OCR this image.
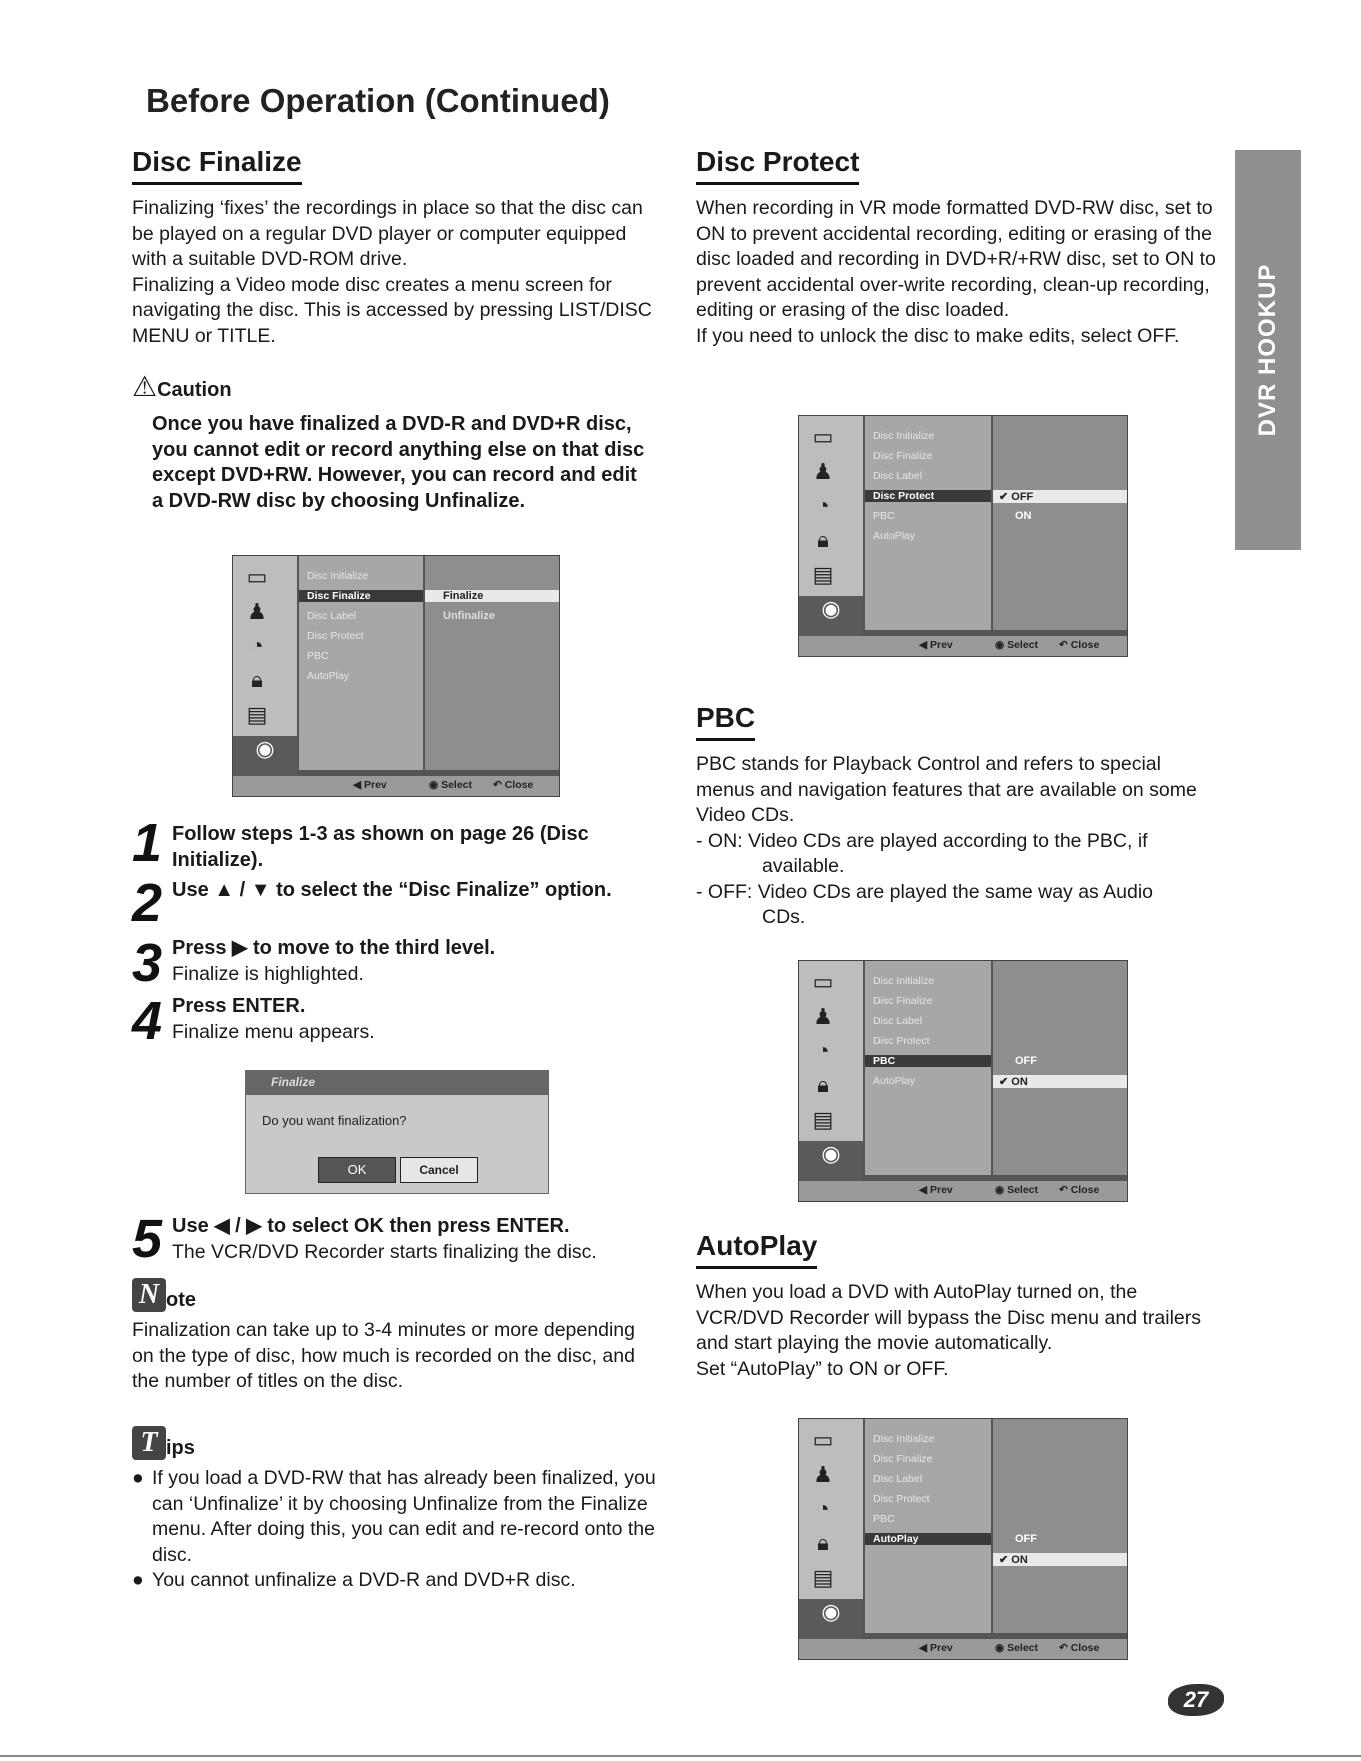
Before Operation (Continued)
DVR HOOKUP
Disc Finalize

Finalizing ‘fixes’ the recordings in place so that the disc can be played on a regular DVD player or computer equipped with a suitable DVD-ROM drive.

Finalizing a Video mode disc creates a menu screen for navigating the disc. This is accessed by pressing LIST/DISC MENU or TITLE.

⚠Caution
Once you have finalized a DVD-R and DVD+R disc, you cannot edit or record anything else on that disc except DVD+RW. However, you can record and edit a DVD-RW disc by choosing Unfinalize.
▭
♟
◔
🔒︎
▤
◉
Disc Initialize
Disc Finalize
Disc Label
Disc Protect
PBC
AutoPlay
Finalize
Unfinalize
◀ Prev	◉ Select ↶ Close
1 Follow steps 1-3 as shown on page 26 (Disc Initialize).
2 Use ▲ / ▼ to select the “Disc Finalize” option.
3 Press ▶ to move to the third level.
Finalize is highlighted.
4 Press ENTER.
Finalize menu appears.
Finalize
Do you want finalization?
OK	Cancel
5 Use ◀ / ▶ to select OK then press ENTER.
The VCR/DVD Recorder starts finalizing the disc.
N ote
Finalization can take up to 3-4 minutes or more depending on the type of disc, how much is recorded on the disc, and the number of titles on the disc.
T ips
● If you load a DVD-RW that has already been finalized, you can ‘Unfinalize’ it by choosing Unfinalize from the Finalize menu. After doing this, you can edit and re-record onto the disc.
● You cannot unfinalize a DVD-R and DVD+R disc.
Disc Protect

When recording in VR mode formatted DVD-RW disc, set to ON to prevent accidental recording, editing or erasing of the disc loaded and recording in DVD+R/+RW disc, set to ON to prevent accidental over-write recording, clean-up recording, editing or erasing of the disc loaded.

If you need to unlock the disc to make edits, select OFF.

▭
♟
◔
🔒︎
▤
◉
Disc Initialize
Disc Finalize
Disc Label
Disc Protect
PBC
AutoPlay
✔ OFF
ON
◀ Prev	◉ Select ↶ Close
PBC

PBC stands for Playback Control and refers to special menus and navigation features that are available on some Video CDs.

- ON: Video CDs are played according to the PBC, if

available.

- OFF: Video CDs are played the same way as Audio

CDs.

▭
♟
◔
🔒︎
▤
◉
Disc Initialize
Disc Finalize
Disc Label
Disc Protect
PBC
AutoPlay
OFF
✔ ON
◀ Prev	◉ Select ↶ Close
AutoPlay

When you load a DVD with AutoPlay turned on, the VCR/DVD Recorder will bypass the Disc menu and trailers and start playing the movie automatically.

Set “AutoPlay” to ON or OFF.

▭
♟
◔
🔒︎
▤
◉
Disc Initialize
Disc Finalize
Disc Label
Disc Protect
PBC
AutoPlay	OFF
✔ ON
◀ Prev	◉ Select ↶ Close
27
